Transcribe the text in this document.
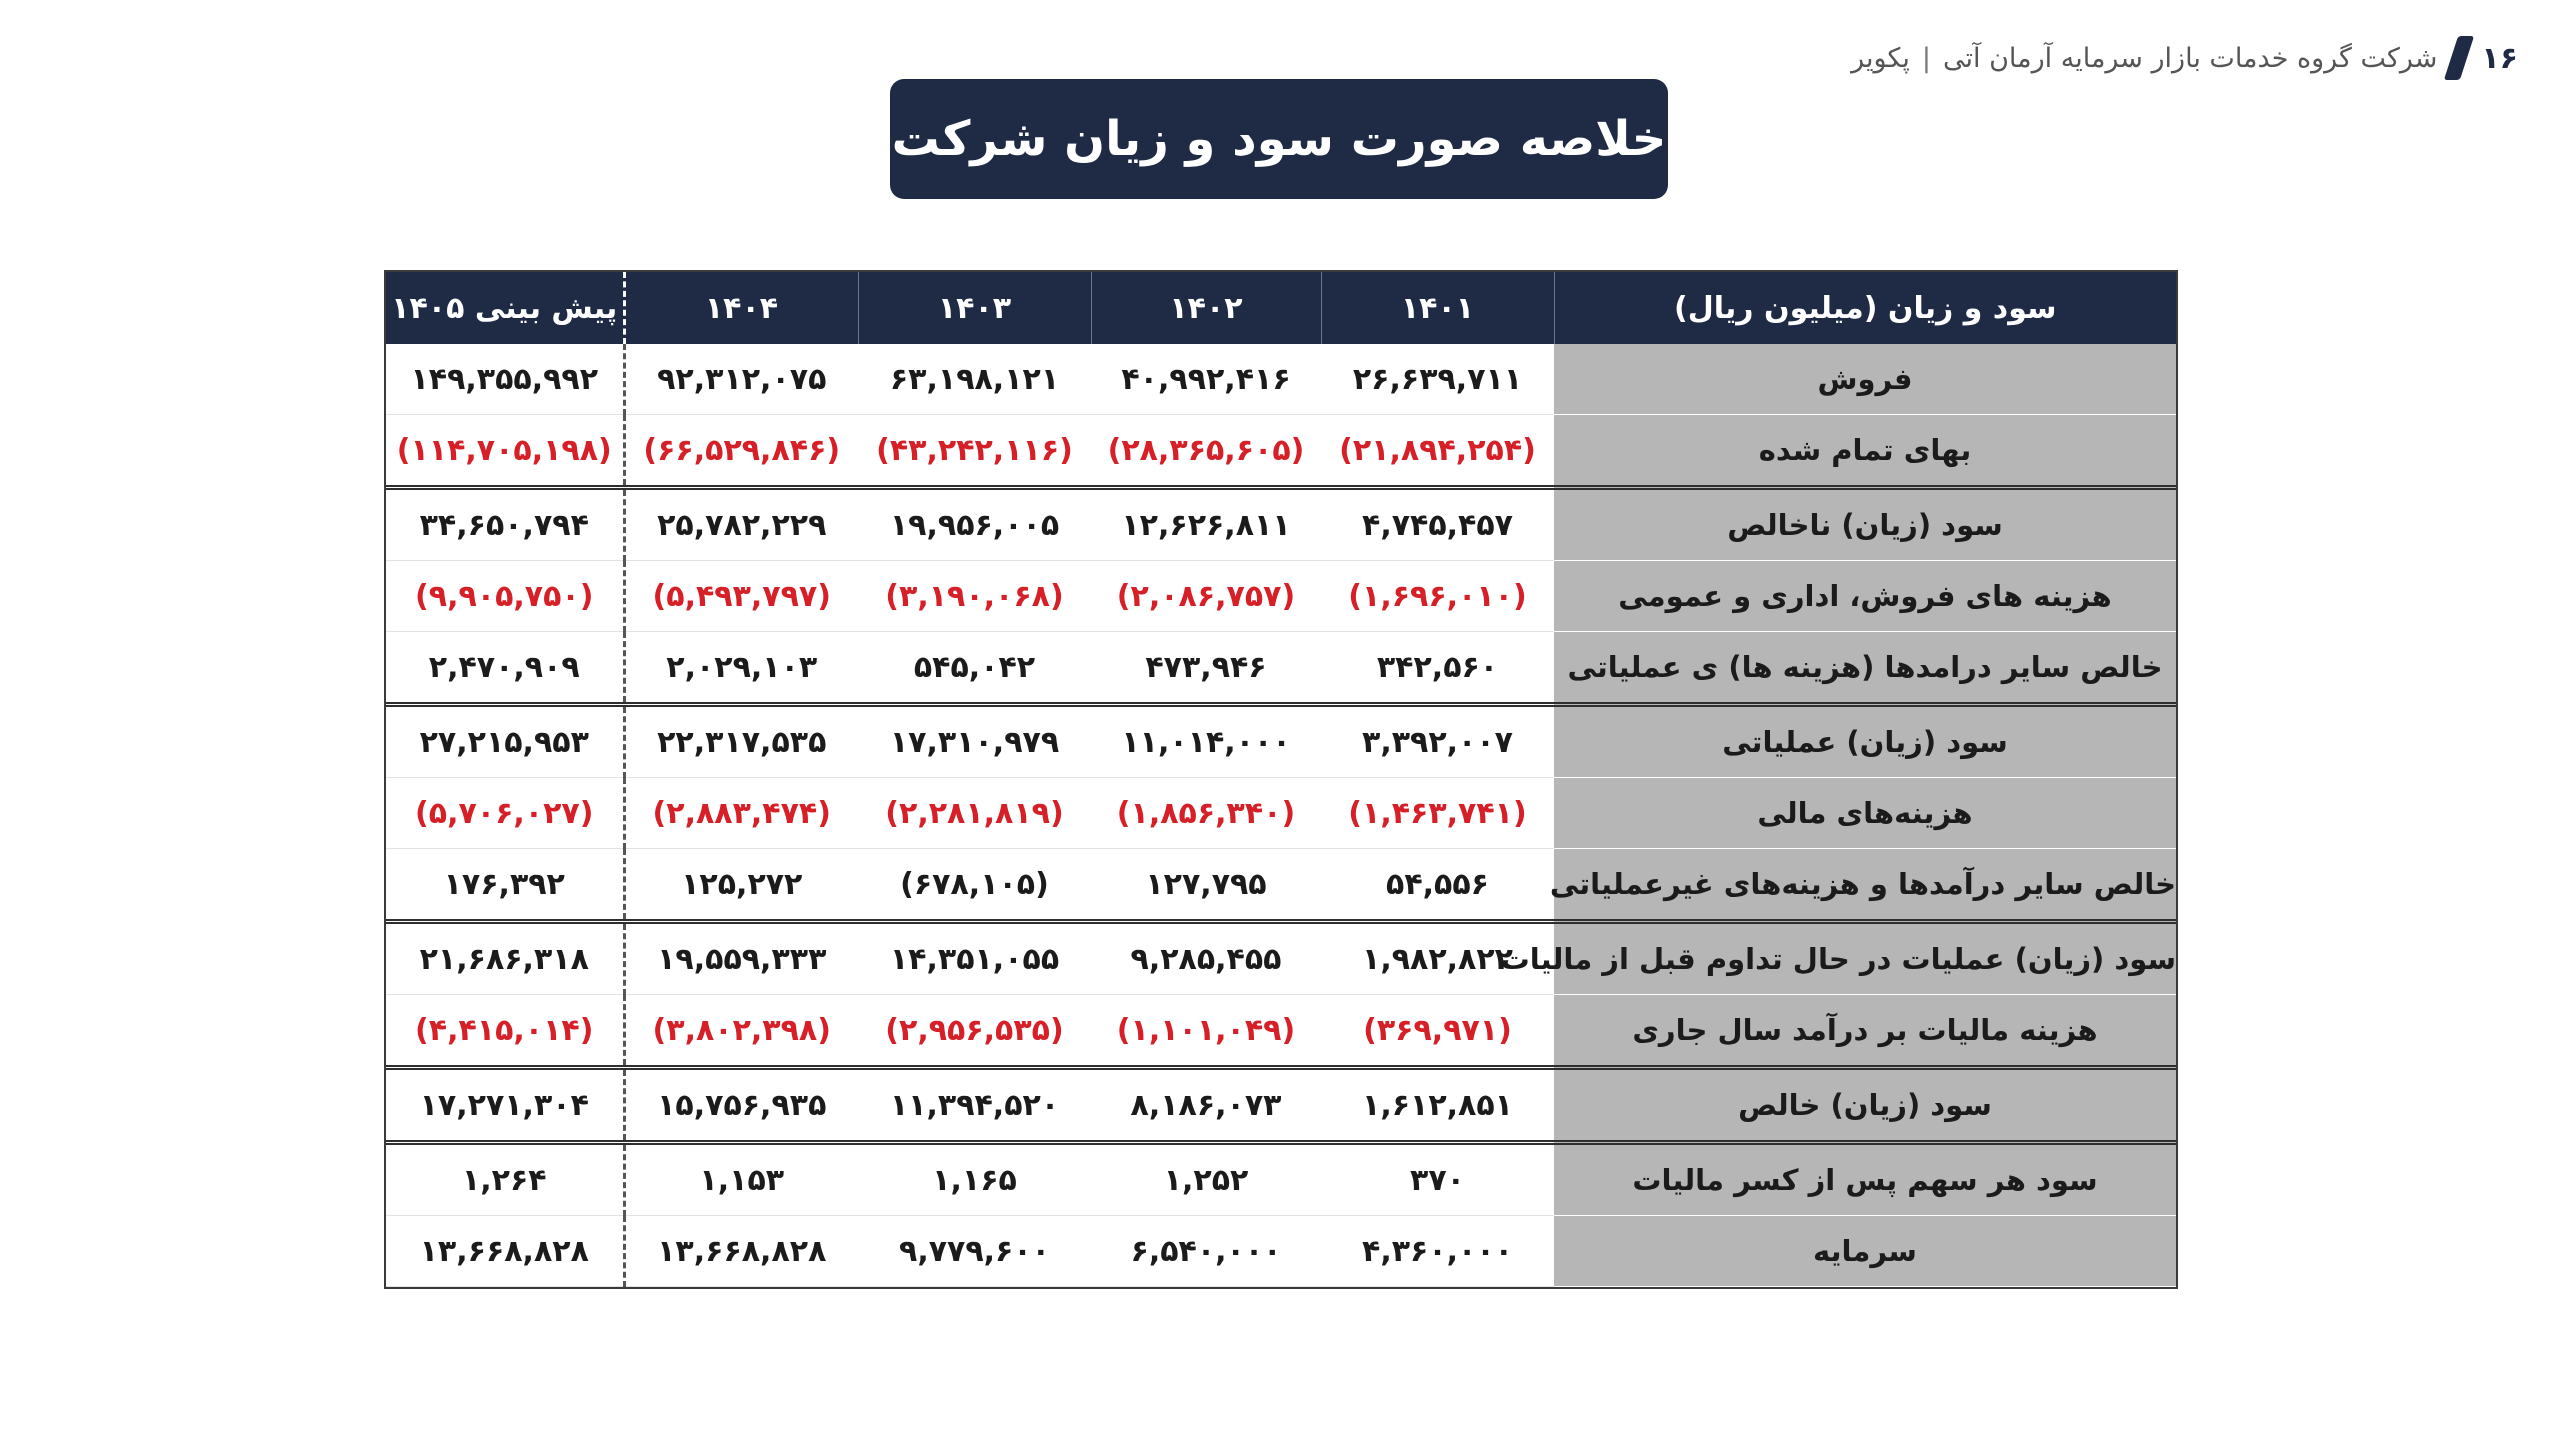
۱۶
شرکت گروه خدمات بازار سرمایه آرمان آتی|پکویر
خلاصه صورت سود و زیان شرکت
سود و زیان (میلیون ریال)	۱۴۰۱	۱۴۰۲	۱۴۰۳	۱۴۰۴	پیش بینی ۱۴۰۵
فروش	۲۶,۶۳۹,۷۱۱	۴۰,۹۹۲,۴۱۶	۶۳,۱۹۸,۱۲۱	۹۲,۳۱۲,۰۷۵	۱۴۹,۳۵۵,۹۹۲
بهای تمام شده	(۲۱,۸۹۴,۲۵۴)	(۲۸,۳۶۵,۶۰۵)	(۴۳,۲۴۲,۱۱۶)	(۶۶,۵۲۹,۸۴۶)	(۱۱۴,۷۰۵,۱۹۸)
سود (زیان) ناخالص	۴,۷۴۵,۴۵۷	۱۲,۶۲۶,۸۱۱	۱۹,۹۵۶,۰۰۵	۲۵,۷۸۲,۲۲۹	۳۴,۶۵۰,۷۹۴
هزینه های فروش، اداری و عمومی	(۱,۶۹۶,۰۱۰)	(۲,۰۸۶,۷۵۷)	(۳,۱۹۰,۰۶۸)	(۵,۴۹۳,۷۹۷)	(۹,۹۰۵,۷۵۰)
خالص سایر درامدها (هزینه ها) ی عملیاتی	۳۴۲,۵۶۰	۴۷۳,۹۴۶	۵۴۵,۰۴۲	۲,۰۲۹,۱۰۳	۲,۴۷۰,۹۰۹
سود (زیان) عملیاتی	۳,۳۹۲,۰۰۷	۱۱,۰۱۴,۰۰۰	۱۷,۳۱۰,۹۷۹	۲۲,۳۱۷,۵۳۵	۲۷,۲۱۵,۹۵۳
هزینه‌های مالی	(۱,۴۶۳,۷۴۱)	(۱,۸۵۶,۳۴۰)	(۲,۲۸۱,۸۱۹)	(۲,۸۸۳,۴۷۴)	(۵,۷۰۶,۰۲۷)
خالص سایر درآمدها و هزینه‌های غیرعملیاتی	۵۴,۵۵۶	۱۲۷,۷۹۵	(۶۷۸,۱۰۵)	۱۲۵,۲۷۲	۱۷۶,۳۹۲
سود (زیان) عملیات در حال تداوم قبل از مالیات	۱,۹۸۲,۸۲۲	۹,۲۸۵,۴۵۵	۱۴,۳۵۱,۰۵۵	۱۹,۵۵۹,۳۳۳	۲۱,۶۸۶,۳۱۸
هزینه مالیات بر درآمد سال جاری	(۳۶۹,۹۷۱)	(۱,۱۰۱,۰۴۹)	(۲,۹۵۶,۵۳۵)	(۳,۸۰۲,۳۹۸)	(۴,۴۱۵,۰۱۴)
سود (زیان) خالص	۱,۶۱۲,۸۵۱	۸,۱۸۶,۰۷۳	۱۱,۳۹۴,۵۲۰	۱۵,۷۵۶,۹۳۵	۱۷,۲۷۱,۳۰۴
سود هر سهم پس از کسر مالیات	۳۷۰	۱,۲۵۲	۱,۱۶۵	۱,۱۵۳	۱,۲۶۴
سرمایه	۴,۳۶۰,۰۰۰	۶,۵۴۰,۰۰۰	۹,۷۷۹,۶۰۰	۱۳,۶۶۸,۸۲۸	۱۳,۶۶۸,۸۲۸
